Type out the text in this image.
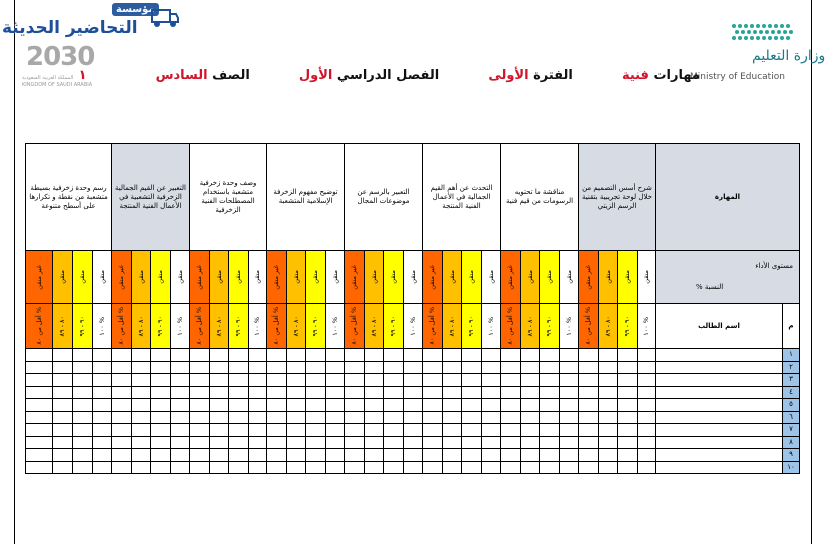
مؤسسة
التحاضير الحديثة
2030
المملكة العربية السعودية
KINGDOM OF SAUDI ARABIA
وزارة التعليم
Ministry of Education
مهارات فنية  الفترة الأولى  الفصل الدراسي الأول  الصف السادس  ١
رسم وحدة زخرفية بسيطة متشعبة من نقطة و تكرارها على أسطح متنوعة				التعبير عن القيم الجمالية الزخرفية التشعبية في الأعمال الفنية المنتجة				وصف وحدة زخرفية متشعبة باستخدام المصطلحات الفنية الزخرفية				توضيح مفهوم الزخرفة الإسلامية المتشعبة				التعبير بالرسم عن موضوعات المجال				التحدث عن أهم القيم الجمالية في الأعمال الفنية المنتجة				مناقشة ما تحتويه الرسومات من قيم فنية				شرح أسس التصميم من خلال لوحة تجريبية بتقنية الرسم الزيتي				المهارة	

غير متقن	متقن	متقن	متقن	غير متقن	متقن	متقن	متقن	غير متقن	متقن	متقن	متقن	غير متقن	متقن	متقن	متقن	غير متقن	متقن	متقن	متقن	غير متقن	متقن	متقن	متقن	غير متقن	متقن	متقن	متقن	غير متقن	متقن	متقن	متقن	مستوى الأداء
النسبة %	

أقل من ٨٠ %	٨٠ - ٨٩	٩٠ - ٩٩	١٠٠ %	أقل من ٨٠ %	٨٠ - ٨٩	٩٠ - ٩٩	١٠٠ %	أقل من ٨٠ %	٨٠ - ٨٩	٩٠ - ٩٩	١٠٠ %	أقل من ٨٠ %	٨٠ - ٨٩	٩٠ - ٩٩	١٠٠ %	أقل من ٨٠ %	٨٠ - ٨٩	٩٠ - ٩٩	١٠٠ %	أقل من ٨٠ %	٨٠ - ٨٩	٩٠ - ٩٩	١٠٠ %	أقل من ٨٠ %	٨٠ - ٨٩	٩٠ - ٩٩	١٠٠ %	أقل من ٨٠ %	٨٠ - ٨٩	٩٠ - ٩٩	١٠٠ %	اسم الطالب	م
																																	١
																																	٢
																																	٣
																																	٤
																																	٥
																																	٦
																																	٧
																																	٨
																																	٩
																																	١٠
